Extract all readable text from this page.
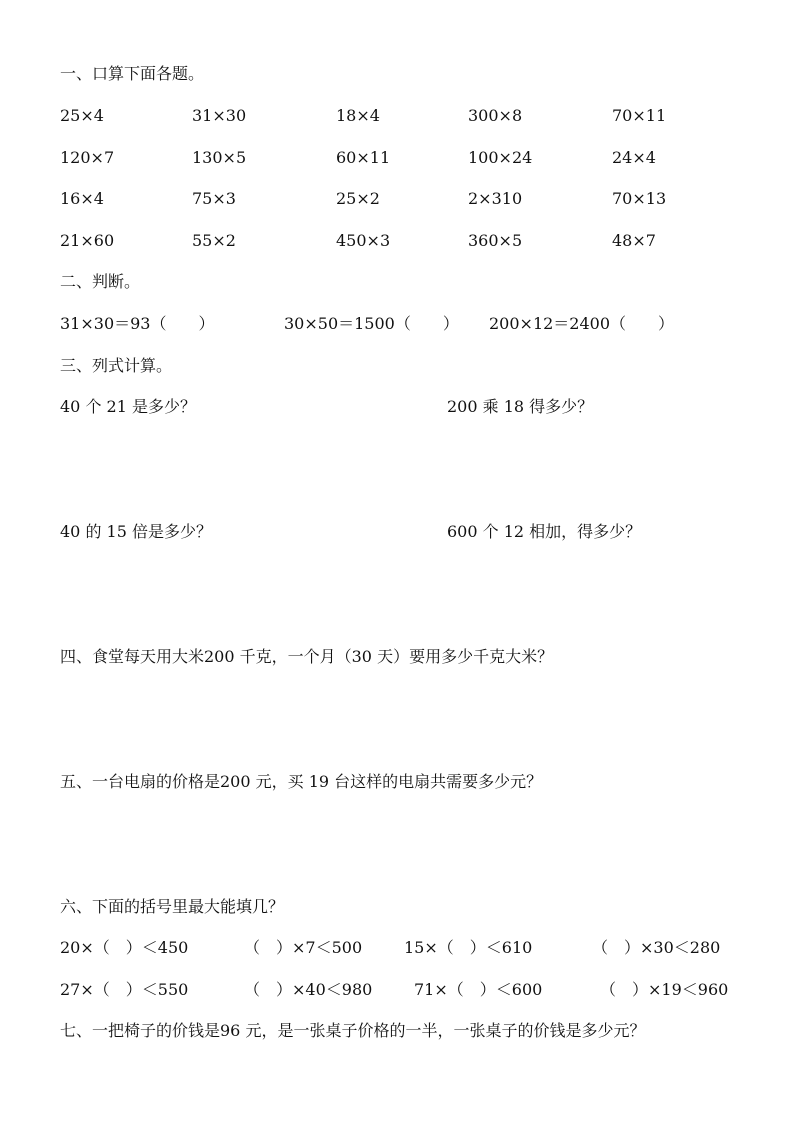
一、口算下面各题。
25×4	31×30	18×4	300×8	70×11
120×7	130×5	60×11	100×24	24×4
16×4	75×3	25×2	2×310	70×13
21×60	55×2	450×3	360×5	48×7
二、判断。
31×30＝93（　　）	30×50＝1500（　　） 200×12＝2400（　　）
三、列式计算。
40 个 21 是多少？	200 乘 18 得多少？
40 的 15 倍是多少？	600 个 12 相加，得多少？
四、食堂每天用大米200 千克，一个月（30 天）要用多少千克大米？
五、一台电扇的价格是200 元，买 19 台这样的电扇共需要多少元？
六、下面的括号里最大能填几？
20×（　）＜450	（　）×7＜500	15×（　）＜610	（　）×30＜280
27×（　）＜550	（　）×40＜980	71×（　）＜600	（　）×19＜960
七、一把椅子的价钱是96 元，是一张桌子价格的一半，一张桌子的价钱是多少元？
